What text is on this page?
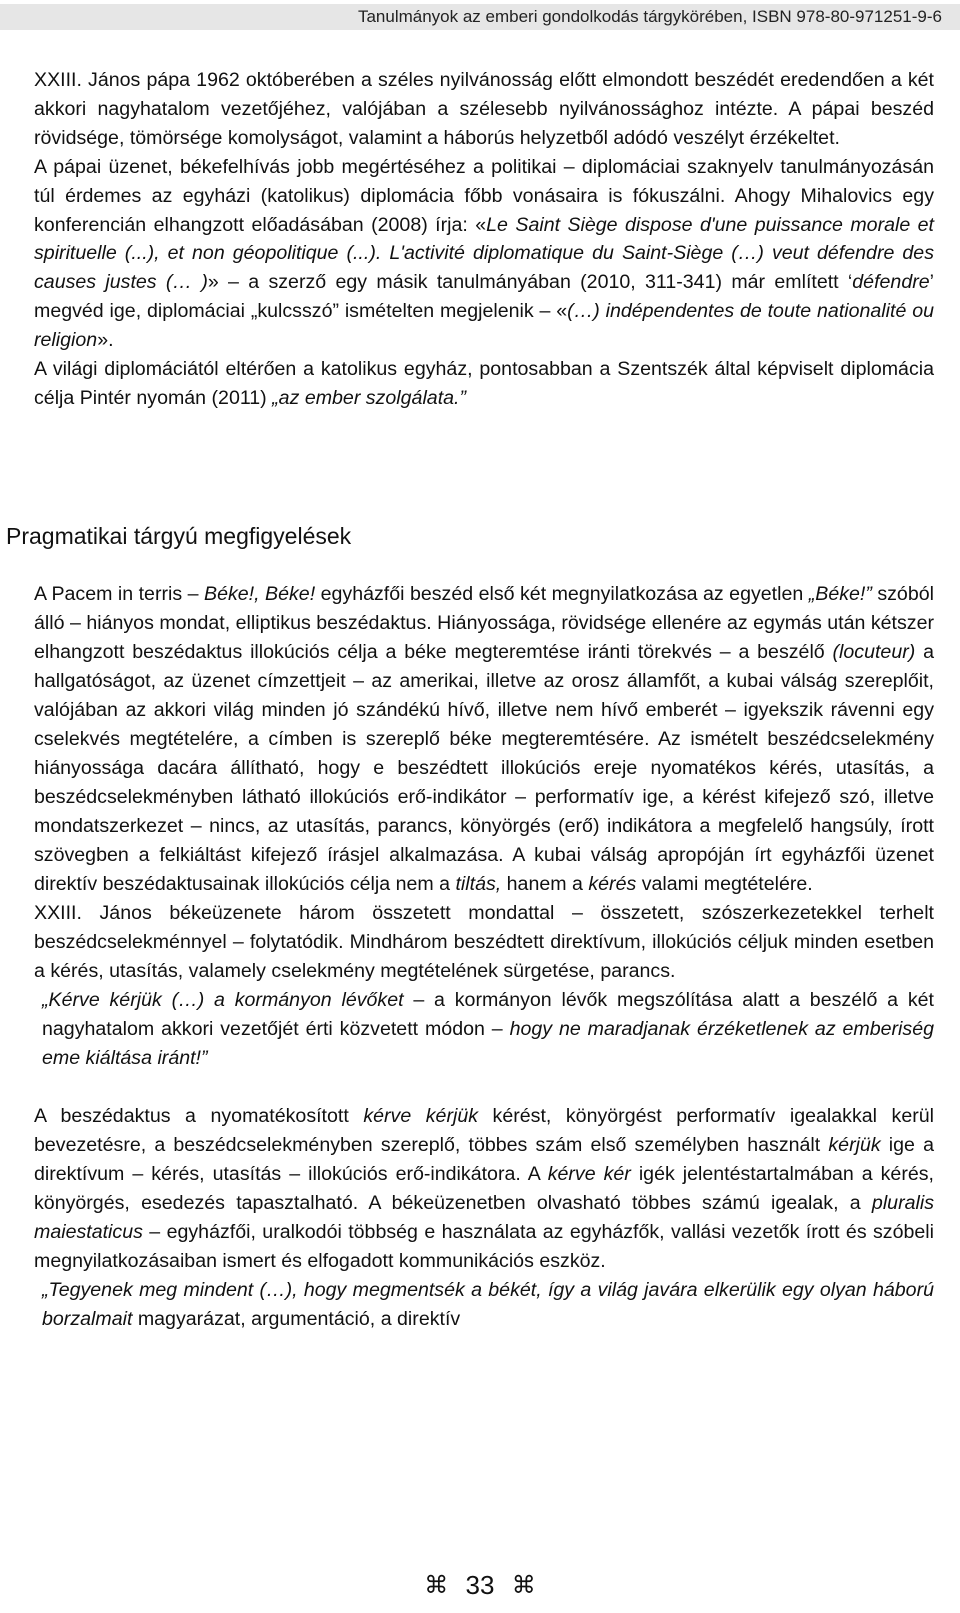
Tanulmányok az emberi gondolkodás tárgykörében, ISBN 978-80-971251-9-6

XXIII. János pápa 1962 októberében a széles nyilvánosság előtt elmondott beszédét eredendően a két akkori nagyhatalom vezetőjéhez, valójában a szélesebb nyilvánossághoz intézte. A pápai beszéd rövidsége, tömörsége komolyságot, valamint a háborús helyzetből adódó veszélyt érzékeltet.

A pápai üzenet, békefelhívás jobb megértéséhez a politikai – diplomáciai szaknyelv tanulmányozásán túl érdemes az egyházi (katolikus) diplomácia főbb vonásaira is fókuszálni. Ahogy Mihalovics egy konferencián elhangzott előadásában (2008) írja: «Le Saint Siège dispose d'une puissance morale et spirituelle (...), et non géopolitique (...). L'activité diplomatique du Saint-Siège (…) veut défendre des causes justes (… )» – a szerző egy másik tanulmányában (2010, 311-341) már említett ‘défendre’ megvéd ige, diplomáciai „kulcsszó” ismételten megjelenik – «(…) indépendentes de toute nationalité ou religion».

A világi diplomáciától eltérően a katolikus egyház, pontosabban a Szentszék által képviselt diplomácia célja Pintér nyomán (2011) „az ember szolgálata.”

Pragmatikai tárgyú megfigyelések

A Pacem in terris – Béke!, Béke! egyházfői beszéd első két megnyilatkozása az egyetlen „Béke!” szóból álló – hiányos mondat, elliptikus beszédaktus. Hiányossága, rövidsége ellenére az egymás után kétszer elhangzott beszédaktus illokúciós célja a béke megteremtése iránti törekvés – a beszélő (locuteur) a hallgatóságot, az üzenet címzettjeit – az amerikai, illetve az orosz államfőt, a kubai válság szereplőit, valójában az akkori világ minden jó szándékú hívő, illetve nem hívő emberét – igyekszik rávenni egy cselekvés megtételére, a címben is szereplő béke megteremtésére. Az ismételt beszédcselekmény hiányossága dacára állítható, hogy e beszédtett illokúciós ereje nyomatékos kérés, utasítás, a beszédcselekményben látható illokúciós erő-indikátor – performatív ige, a kérést kifejező szó, illetve mondatszerkezet – nincs, az utasítás, parancs, könyörgés (erő) indikátora a megfelelő hangsúly, írott szövegben a felkiáltást kifejező írásjel alkalmazása. A kubai válság apropóján írt egyházfői üzenet direktív beszédaktusainak illokúciós célja nem a tiltás, hanem a kérés valami megtételére.

XXIII. János békeüzenete három összetett mondattal – összetett, szószerkezetekkel terhelt beszédcselekménnyel – folytatódik. Mindhárom beszédtett direktívum, illokúciós céljuk minden esetben a kérés, utasítás, valamely cselekmény megtételének sürgetése, parancs.

„Kérve kérjük (…) a kormányon lévőket – a kormányon lévők megszólítása alatt a beszélő a két nagyhatalom akkori vezetőjét érti közvetett módon – hogy ne maradjanak érzéketlenek az emberiség eme kiáltása iránt!”

A beszédaktus a nyomatékosított kérve kérjük kérést, könyörgést performatív igealakkal kerül bevezetésre, a beszédcselekményben szereplő, többes szám első személyben használt kérjük ige a direktívum – kérés, utasítás – illokúciós erő-indikátora. A kérve kér igék jelentéstartalmában a kérés, könyörgés, esedezés tapasztalható. A békeüzenetben olvasható többes számú igealak, a pluralis maiestaticus – egyházfői, uralkodói többség e használata az egyházfők, vallási vezetők írott és szóbeli megnyilatkozásaiban ismert és elfogadott kommunikációs eszköz.

„Tegyenek meg mindent (…), hogy megmentsék a békét, így a világ javára elkerülik egy olyan háború borzalmait magyarázat, argumentáció, a direktív

⌘ 33 ⌘
